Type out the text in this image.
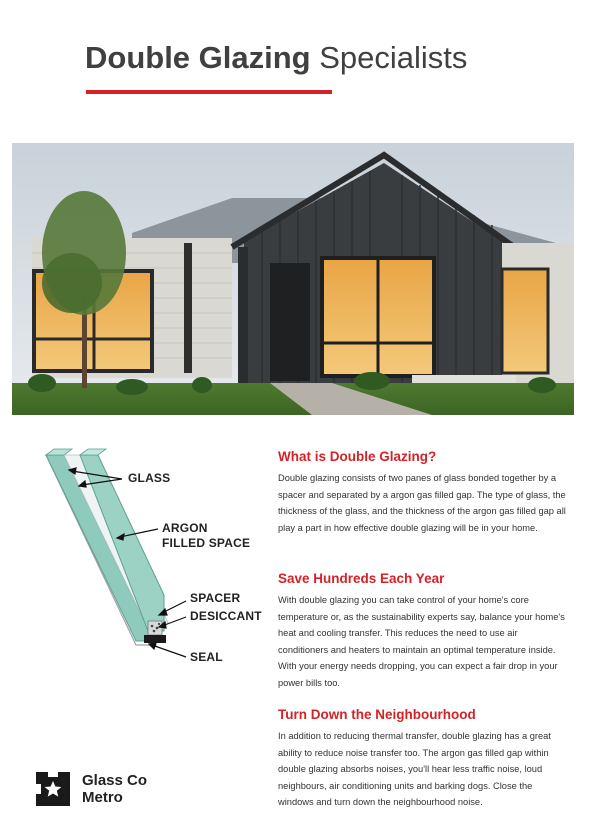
Double Glazing Specialists
GLASS
ARGON
FILLED SPACE
SPACER
DESICCANT
SEAL
What is Double Glazing?

Double glazing consists of two panes of glass bonded together by a spacer and separated by a argon gas filled gap. The type of glass, the thickness of the glass, and the thickness of the argon gas filled gap all play a part in how effective double glazing will be in your home.

Save Hundreds Each Year

With double glazing you can take control of your home's core temperature or, as the sustainability experts say, balance your home's heat and cooling transfer. This reduces the need to use air conditioners and heaters to maintain an optimal temperature inside. With your energy needs dropping, you can expect a fair drop in your power bills too.

Turn Down the Neighbourhood

In addition to reducing thermal transfer, double glazing has a great ability to reduce noise transfer too. The argon gas filled gap within double glazing absorbs noises, you'll hear less traffic noise, loud neighbours, air conditioning units and barking dogs. Close the windows and turn down the neighbourhood noise.

Glass Co
Metro
